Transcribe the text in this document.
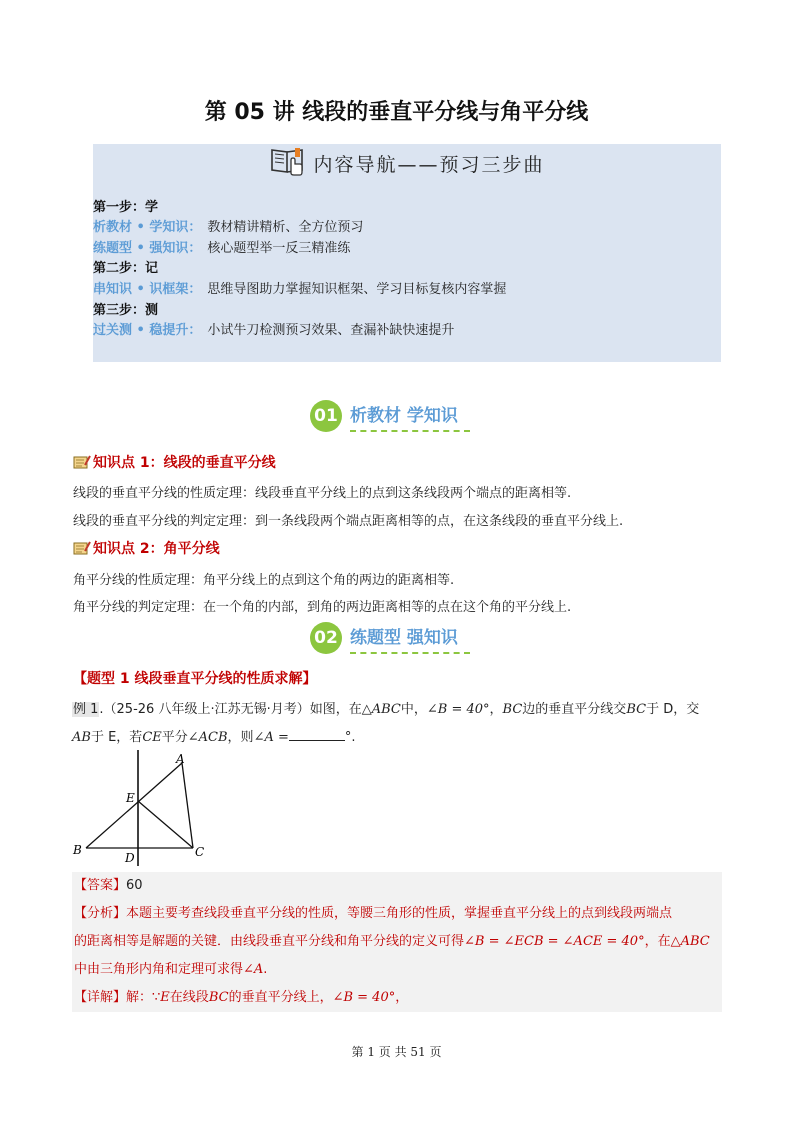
第 05 讲 线段的垂直平分线与角平分线
内容导航——预习三步曲
第一步：学
析教材 • 学知识： 教材精讲精析、全方位预习
练题型 • 强知识： 核心题型举一反三精准练
第二步：记
串知识 • 识框架： 思维导图助力掌握知识框架、学习目标复核内容掌握
第三步：测
过关测 • 稳提升： 小试牛刀检测预习效果、查漏补缺快速提升
01 析教材 学知识
知识点 1：线段的垂直平分线
线段的垂直平分线的性质定理：线段垂直平分线上的点到这条线段两个端点的距离相等.
线段的垂直平分线的判定定理：到一条线段两个端点距离相等的点，在这条线段的垂直平分线上.
知识点 2：角平分线
角平分线的性质定理：角平分线上的点到这个角的两边的距离相等.
角平分线的判定定理：在一个角的内部，到角的两边距离相等的点在这个角的平分线上.
02 练题型 强知识
【题型 1 线段垂直平分线的性质求解】
例 1.（25-26 八年级上·江苏无锡·月考）如图，在△ABC中，∠B = 40°，BC边的垂直平分线交BC于 D，交
AB于 E，若CE平分∠ACB，则∠A =	°.
A
B	C
D
E
【答案】60
【分析】本题主要考查线段垂直平分线的性质，等腰三角形的性质，掌握垂直平分线上的点到线段两端点
的距离相等是解题的关键．由线段垂直平分线和角平分线的定义可得∠B = ∠ECB = ∠ACE = 40°，在△ABC
中由三角形内角和定理可求得∠A.
【详解】解：∵E在线段BC的垂直平分线上，∠B = 40°，
第 1 页 共 51 页
